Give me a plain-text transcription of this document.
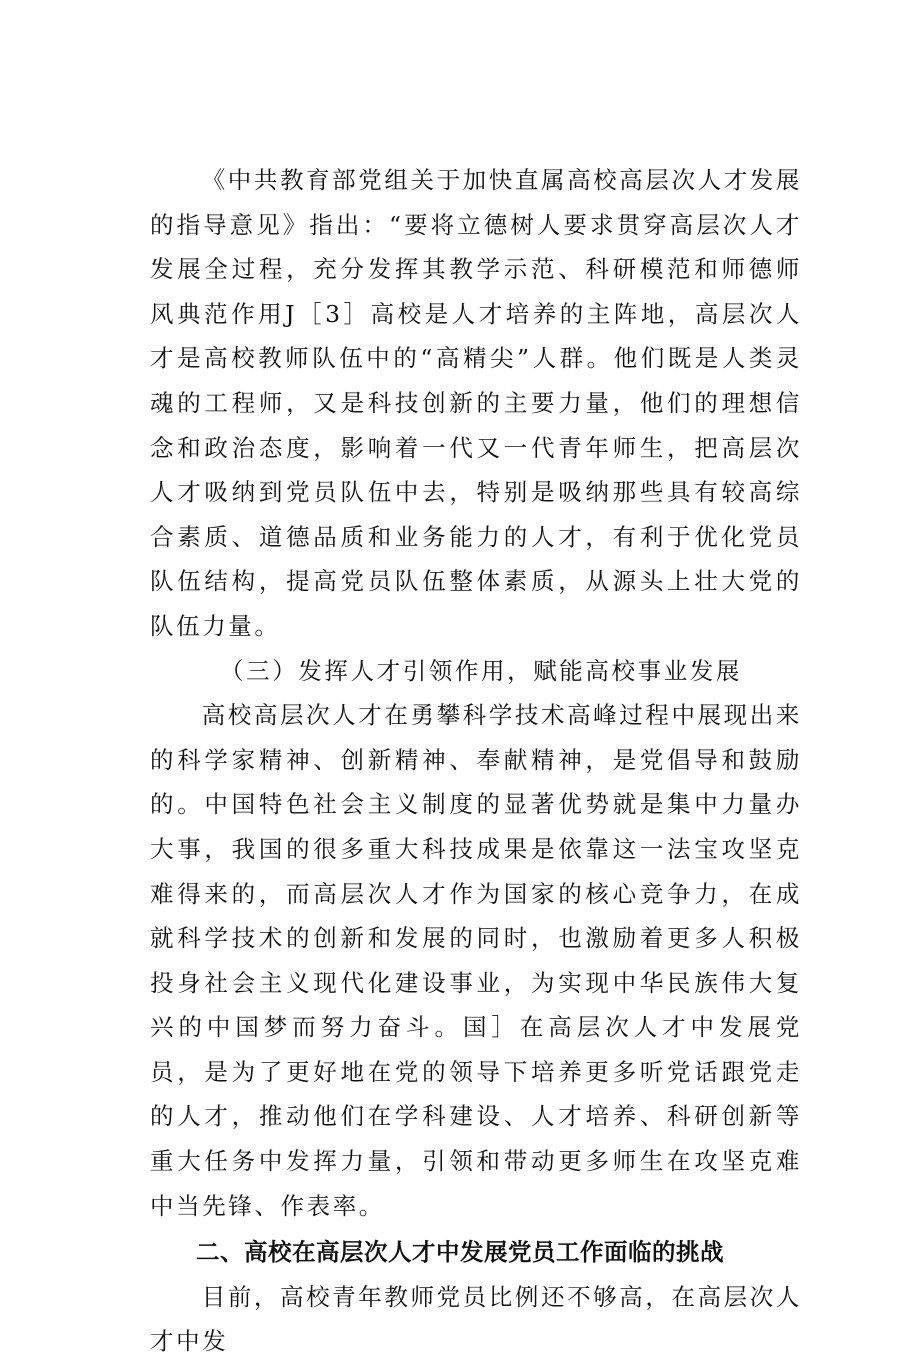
《中共教育部党组关于加快直属高校高层次人才发展的指导意见》指出：“要将立德树人要求贯穿高层次人才发展全过程，充分发挥其教学示范、科研模范和师德师风典范作用J［3］高校是人才培养的主阵地，高层次人才是高校教师队伍中的“高精尖”人群。他们既是人类灵魂的工程师，又是科技创新的主要力量，他们的理想信念和政治态度，影响着一代又一代青年师生，把高层次人才吸纳到党员队伍中去，特别是吸纳那些具有较高综合素质、道德品质和业务能力的人才，有利于优化党员队伍结构，提高党员队伍整体素质，从源头上壮大党的队伍力量。

（三）发挥人才引领作用，赋能高校事业发展

高校高层次人才在勇攀科学技术高峰过程中展现出来的科学家精神、创新精神、奉献精神，是党倡导和鼓励的。中国特色社会主义制度的显著优势就是集中力量办大事，我国的很多重大科技成果是依靠这一法宝攻坚克难得来的，而高层次人才作为国家的核心竞争力，在成就科学技术的创新和发展的同时，也激励着更多人积极投身社会主义现代化建设事业，为实现中华民族伟大复兴的中国梦而努力奋斗。国］在高层次人才中发展党员，是为了更好地在党的领导下培养更多听党话跟党走的人才，推动他们在学科建设、人才培养、科研创新等重大任务中发挥力量，引领和带动更多师生在攻坚克难中当先锋、作表率。

二、高校在高层次人才中发展党员工作面临的挑战

目前，高校青年教师党员比例还不够高，在高层次人才中发
